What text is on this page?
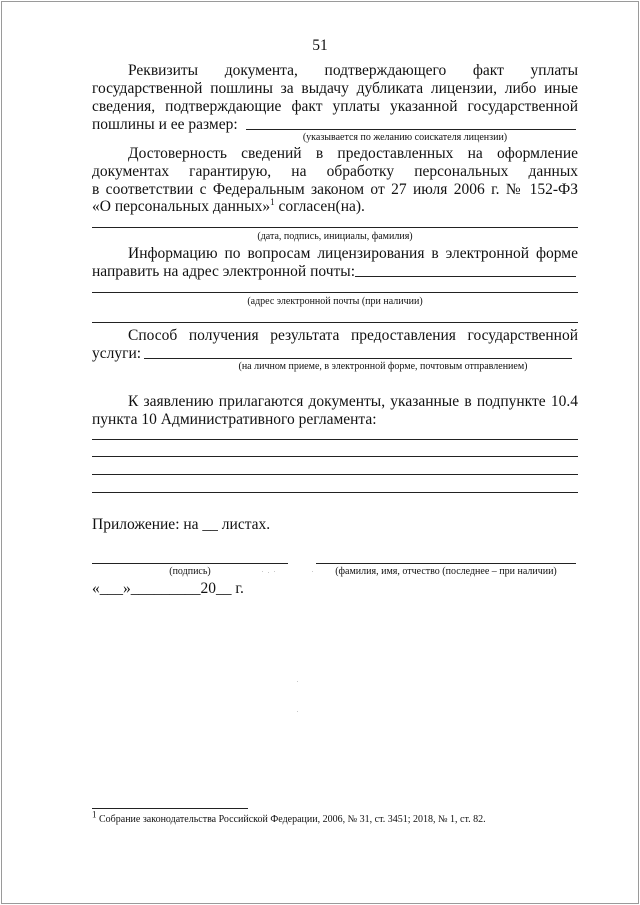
51
Реквизиты документа, подтверждающего факт уплаты
государственной пошлины за выдачу дубликата лицензии, либо иные
сведения, подтверждающие факт уплаты указанной государственной
пошлины и ее размер:
(указывается по желанию соискателя лицензии)
Достоверность сведений в предоставленных на оформление
документах гарантирую, на обработку персональных данных
в соответствии с Федеральным законом от 27 июля 2006 г. № 152-ФЗ
«О персональных данных»$^1$ согласен(на).
(дата, подпись, инициалы, фамилия)
Информацию по вопросам лицензирования в электронной форме
направить на адрес электронной почты:
(адрес электронной почты (при наличии)
Способ получения результата предоставления государственной
услуги:
(на личном приеме, в электронной форме, почтовым отправлением)
К заявлению прилагаются документы, указанные в подпункте 10.4
пункта 10 Административного регламента:
Приложение: на __ листах.
(подпись)	(фамилия, имя, отчество (последнее – при наличии)
«___»_________20__ г.
$^1$ Собрание законодательства Российской Федерации, 2006, № 31, ст. 3451; 2018, № 1, ст. 82.
